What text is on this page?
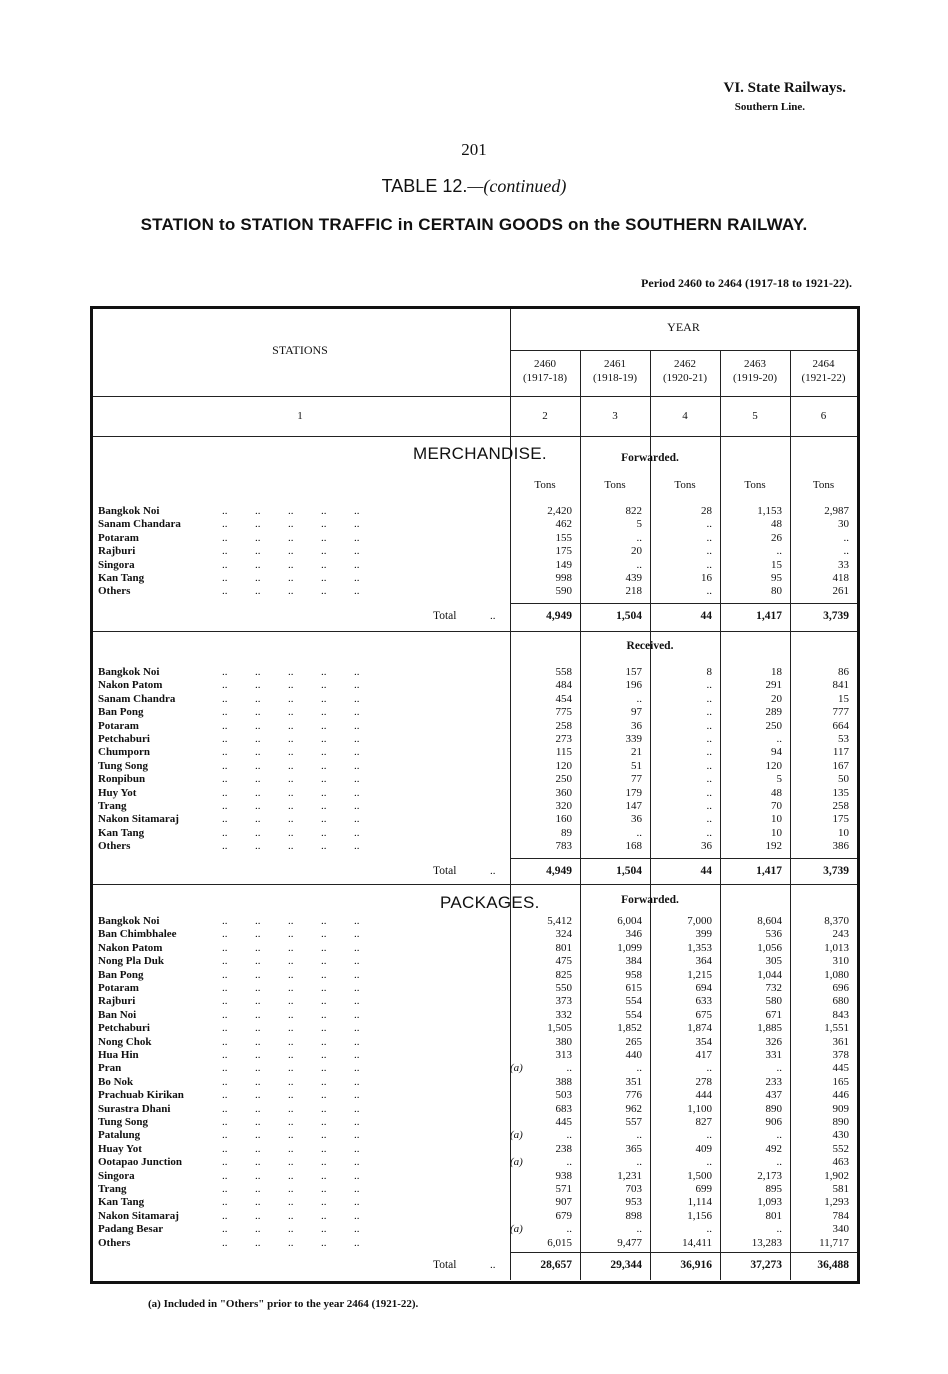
VI. State Railways.
Southern Line.
201
TABLE 12.—(continued)
STATION to STATION TRAFFIC in CERTAIN GOODS on the SOUTHERN RAILWAY.
Period 2460 to 2464 (1917-18 to 1921-22).
STATIONS
YEAR
2460
(1917-18)
2461
(1918-19)
2462
(1920-21)
2463
(1919-20)
2464
(1921-22)
1	2	3	4	5	6
MERCHANDISE.	Forwarded.
Tons	Tons	Tons	Tons	Tons
Bangkok Noi	..          ..          ..          ..          ..	2,420	822	28	1,153	2,987
Sanam Chandara	..          ..          ..          ..          ..	462	5	..	48	30
Potaram	..          ..          ..          ..          ..	155	..	..	26	..
Rajburi	..          ..          ..          ..          ..	175	20	..	..	..
Singora	..          ..          ..          ..          ..	149	..	..	15	33
Kan Tang	..          ..          ..          ..          ..	998	439	16	95	418
Others	..          ..          ..          ..          ..	590	218	..	80	261
Total	..	4,949	1,504	44	1,417	3,739
Received.
Bangkok Noi	..          ..          ..          ..          ..	558	157	8	18	86
Nakon Patom	..          ..          ..          ..          ..	484	196	..	291	841
Sanam Chandra	..          ..          ..          ..          ..	454	..	..	20	15
Ban Pong	..          ..          ..          ..          ..	775	97	..	289	777
Potaram	..          ..          ..          ..          ..	258	36	..	250	664
Petchaburi	..          ..          ..          ..          ..	273	339	..	..	53
Chumporn	..          ..          ..          ..          ..	115	21	..	94	117
Tung Song	..          ..          ..          ..          ..	120	51	..	120	167
Ronpibun	..          ..          ..          ..          ..	250	77	..	5	50
Huy Yot	..          ..          ..          ..          ..	360	179	..	48	135
Trang	..          ..          ..          ..          ..	320	147	..	70	258
Nakon Sitamaraj	..          ..          ..          ..          ..	160	36	..	10	175
Kan Tang	..          ..          ..          ..          ..	89	..	..	10	10
Others	..          ..          ..          ..          ..	783	168	36	192	386
Total	..	4,949	1,504	44	1,417	3,739
PACKAGES.	Forwarded.
Bangkok Noi	..          ..          ..          ..          ..	5,412	6,004	7,000	8,604	8,370
Ban Chimbhalee	..          ..          ..          ..          ..	324	346	399	536	243
Nakon Patom	..          ..          ..          ..          ..	801	1,099	1,353	1,056	1,013
Nong Pla Duk	..          ..          ..          ..          ..	475	384	364	305	310
Ban Pong	..          ..          ..          ..          ..	825	958	1,215	1,044	1,080
Potaram	..          ..          ..          ..          ..	550	615	694	732	696
Rajburi	..          ..          ..          ..          ..	373	554	633	580	680
Ban Noi	..          ..          ..          ..          ..	332	554	675	671	843
Petchaburi	..          ..          ..          ..          ..	1,505	1,852	1,874	1,885	1,551
Nong Chok	..          ..          ..          ..          ..	380	265	354	326	361
Hua Hin	..          ..          ..          ..          ..	313	440	417	331	378
Pran	..          ..          ..          ..          ..	(a)	..	..	..	..	445
Bo Nok	..          ..          ..          ..          ..	388	351	278	233	165
Prachuab Kirikan	..          ..          ..          ..          ..	503	776	444	437	446
Surastra Dhani	..          ..          ..          ..          ..	683	962	1,100	890	909
Tung Song	..          ..          ..          ..          ..	445	557	827	906	890
Patalung	..          ..          ..          ..          ..	(a)	..	..	..	..	430
Huay Yot	..          ..          ..          ..          ..	238	365	409	492	552
Ootapao Junction	..          ..          ..          ..          ..	(a)	..	..	..	..	463
Singora	..          ..          ..          ..          ..	938	1,231	1,500	2,173	1,902
Trang	..          ..          ..          ..          ..	571	703	699	895	581
Kan Tang	..          ..          ..          ..          ..	907	953	1,114	1,093	1,293
Nakon Sitamaraj	..          ..          ..          ..          ..	679	898	1,156	801	784
Padang Besar	..          ..          ..          ..          ..	(a)	..	..	..	..	340
Others	..          ..          ..          ..          ..	6,015	9,477	14,411	13,283	11,717
Total	..	28,657	29,344	36,916	37,273	36,488
(a) Included in "Others" prior to the year 2464 (1921-22).
